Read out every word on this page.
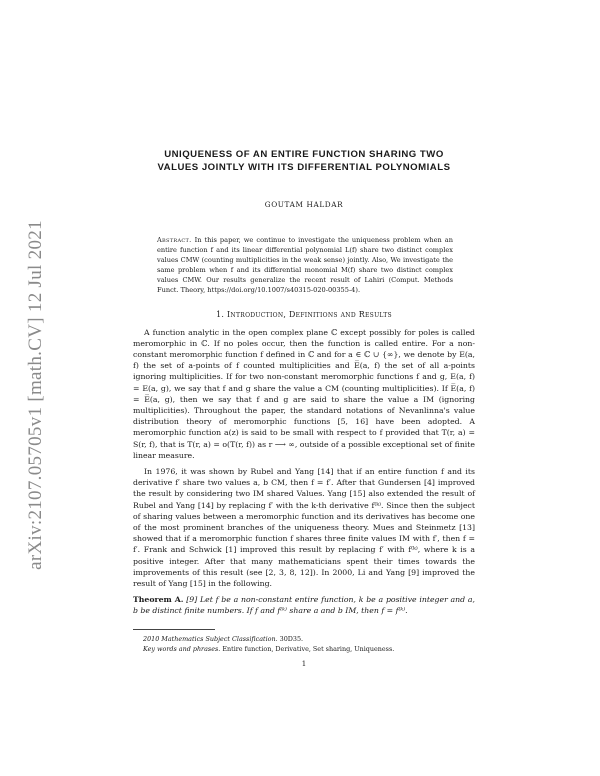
arXiv:2107.05705v1 [math.CV] 12 Jul 2021
UNIQUENESS OF AN ENTIRE FUNCTION SHARING TWO
VALUES JOINTLY WITH ITS DIFFERENTIAL POLYNOMIALS
GOUTAM HALDAR
Abstract. In this paper, we continue to investigate the uniqueness problem when an entire function f and its linear differential polynomial L(f) share two distinct complex values CMW (counting multiplicities in the weak sense) jointly. Also, We investigate the same problem when f and its differential monomial M(f) share two distinct complex values CMW. Our results generalize the recent result of Lahiri (Comput. Methods Funct. Theory, https://doi.org/10.1007/s40315-020-00355-4).
1. Introduction, Definitions and Results

A function analytic in the open complex plane ℂ except possibly for poles is called meromorphic in ℂ. If no poles occur, then the function is called entire. For a non-constant meromorphic function f defined in ℂ and for a ∈ ℂ ∪ {∞}, we denote by E(a, f) the set of a-points of f counted multiplicities and E̅(a, f) the set of all a-points ignoring multiplicities. If for two non-constant meromorphic functions f and g, E(a, f) = E(a, g), we say that f and g share the value a CM (counting multiplicities). If E̅(a, f) = E̅(a, g), then we say that f and g are said to share the value a IM (ignoring multiplicities). Throughout the paper, the standard notations of Nevanlinna's value distribution theory of meromorphic functions [5, 16] have been adopted. A meromorphic function a(z) is said to be small with respect to f provided that T(r, a) = S(r, f), that is T(r, a) = o(T(r, f)) as r ⟶ ∞, outside of a possible exceptional set of finite linear measure.

In 1976, it was shown by Rubel and Yang [14] that if an entire function f and its derivative f′ share two values a, b CM, then f = f′. After that Gundersen [4] improved the result by considering two IM shared Values. Yang [15] also extended the result of Rubel and Yang [14] by replacing f′ with the k-th derivative f⁽ᵏ⁾. Since then the subject of sharing values between a meromorphic function and its derivatives has become one of the most prominent branches of the uniqueness theory. Mues and Steinmetz [13] showed that if a meromorphic function f shares three finite values IM with f′, then f = f′. Frank and Schwick [1] improved this result by replacing f′ with f⁽ᵏ⁾, where k is a positive integer. After that many mathematicians spent their times towards the improvements of this result (see [2, 3, 8, 12]). In 2000, Li and Yang [9] improved the result of Yang [15] in the following.

Theorem A. [9] Let f be a non-constant entire function, k be a positive integer and a, b be distinct finite numbers. If f and f⁽ᵏ⁾ share a and b IM, then f = f⁽ᵏ⁾.

2010 Mathematics Subject Classification. 30D35.

Key words and phrases. Entire function, Derivative, Set sharing, Uniqueness.

1
